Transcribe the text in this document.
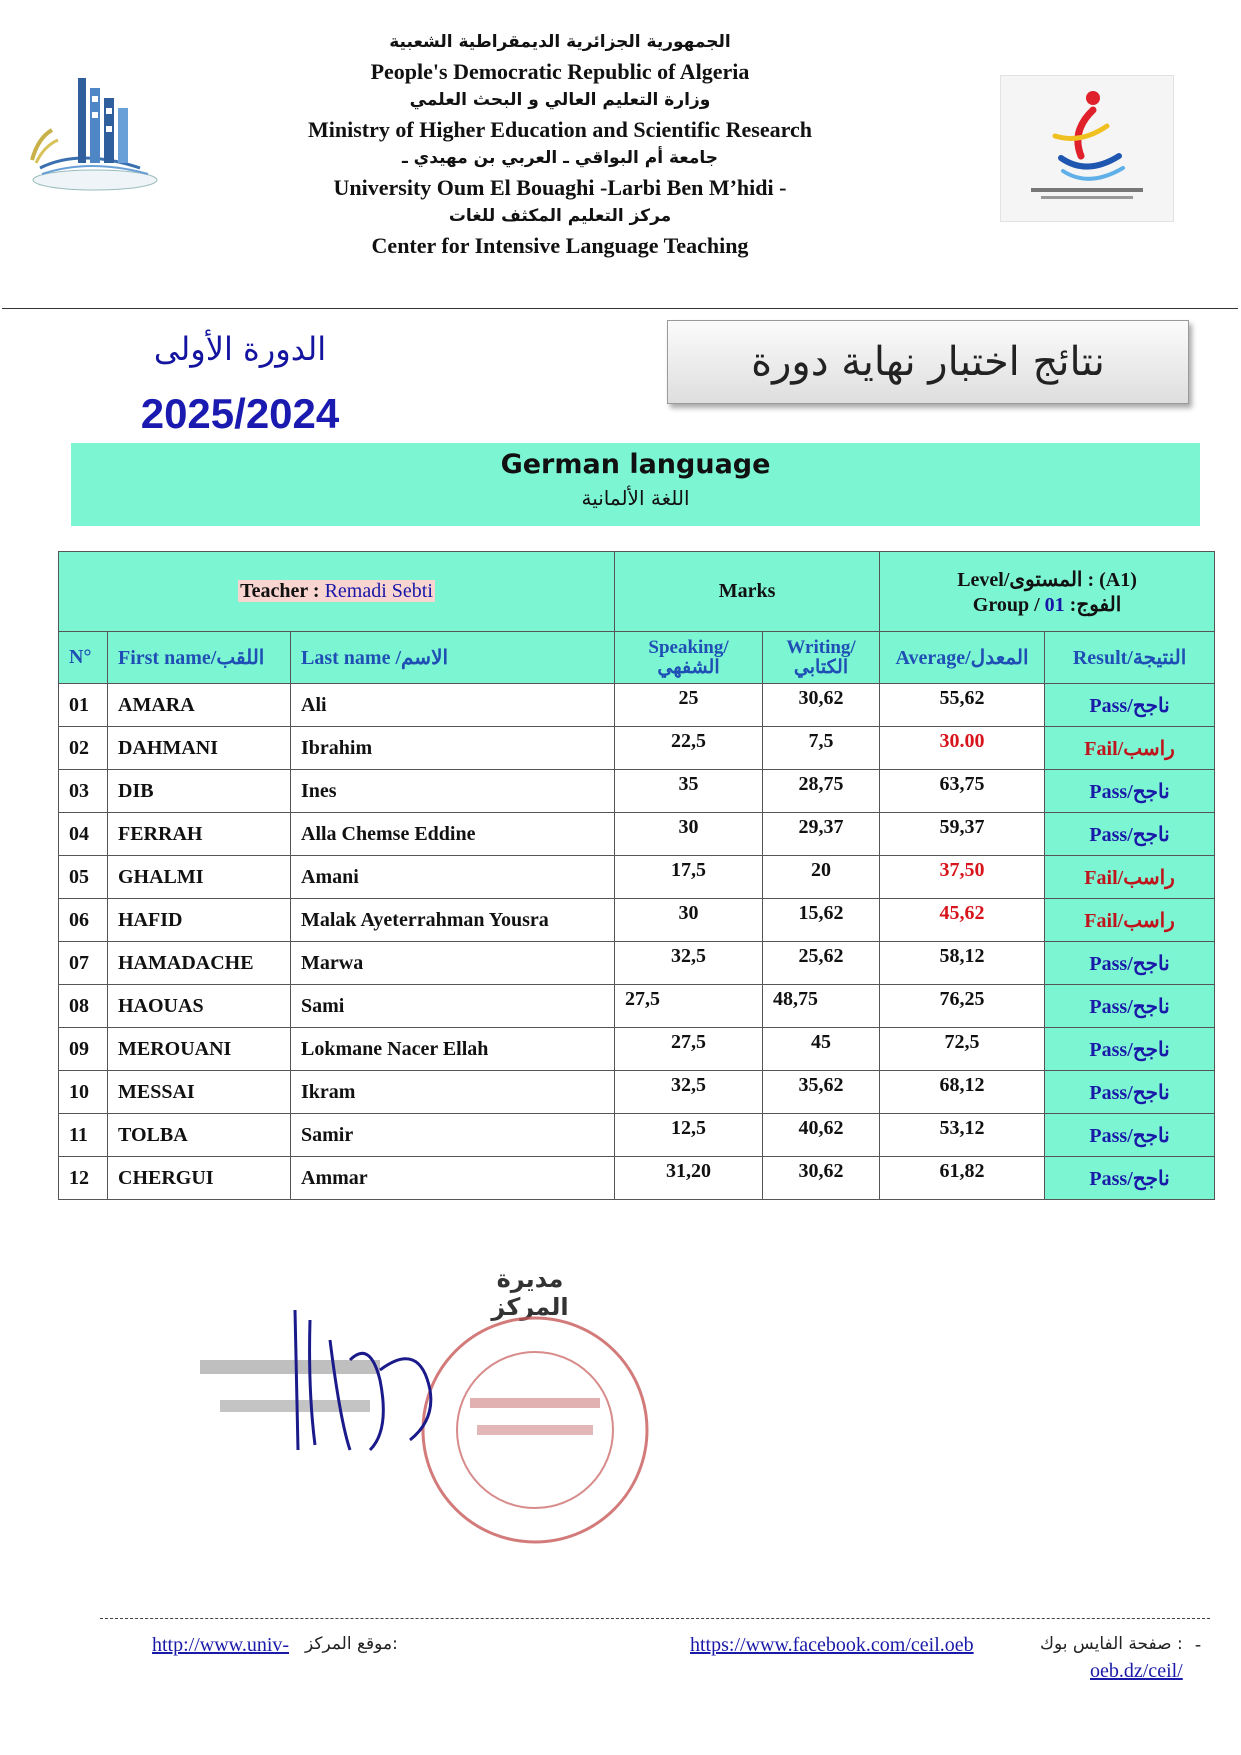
الجمهورية الجزائرية الديمقراطية الشعبية
People's Democratic Republic of Algeria
وزارة التعليم العالي و البحث العلمي
Ministry of Higher Education and Scientific Research
جامعة أم البواقي ـ العربي بن مهيدي ـ
University Oum El Bouaghi -Larbi Ben M’hidi -
مركز التعليم المكثف للغات
Center for Intensive Language Teaching
الدورة الأولى
2025/2024
نتائج اختبار نهاية دورة
German language
اللغة الألمانية
Teacher : Remadi Sebti			Marks		Level/المستوى : (A1)
Group / الفوج: 01	

N°	First name/اللقب	Last name /الاسم	Speaking/
الشفهي	Writing/
الكتابي	Average/المعدل	Result/النتيجة
01	AMARA	Ali	25	30,62	55,62	Pass/ناجح
02	DAHMANI	Ibrahim	22,5	7,5	30.00	Fail/راسب
03	DIB	Ines	35	28,75	63,75	Pass/ناجح
04	FERRAH	Alla Chemse Eddine	30	29,37	59,37	Pass/ناجح
05	GHALMI	Amani	17,5	20	37,50	Fail/راسب
06	HAFID	Malak Ayeterrahman Yousra	30	15,62	45,62	Fail/راسب
07	HAMADACHE	Marwa	32,5	25,62	58,12	Pass/ناجح
08	HAOUAS	Sami	27,5	48,75	76,25	Pass/ناجح
09	MEROUANI	Lokmane Nacer Ellah	27,5	45	72,5	Pass/ناجح
10	MESSAI	Ikram	32,5	35,62	68,12	Pass/ناجح
11	TOLBA	Samir	12,5	40,62	53,12	Pass/ناجح
12	CHERGUI	Ammar	31,20	30,62	61,82	Pass/ناجح
مديرة المركز
-
صفحة الفايس بوك :
https://www.facebook.com/ceil.oeb
موقع المركز:
http://www.univ-
oeb.dz/ceil/
